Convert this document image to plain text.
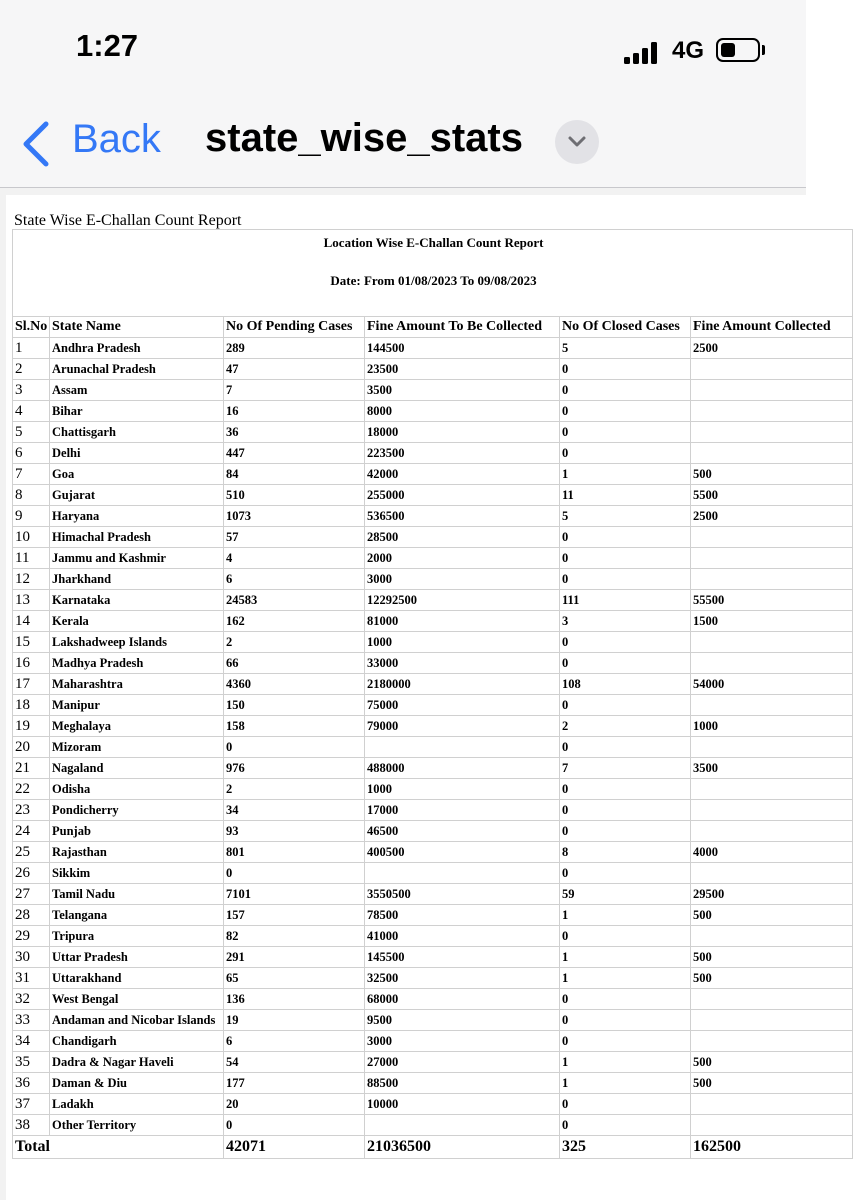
1:27	4G
Back state_wise_stats
State Wise E-Challan Count Report
Location Wise E-Challan Count Report
Date: From 01/08/2023 To 09/08/2023					

Sl.No	State Name	No Of Pending Cases	Fine Amount To Be Collected	No Of Closed Cases	Fine Amount Collected
1	Andhra Pradesh	289	144500	5	2500
2	Arunachal Pradesh	47	23500	0	
3	Assam	7	3500	0	
4	Bihar	16	8000	0	
5	Chattisgarh	36	18000	0	
6	Delhi	447	223500	0	
7	Goa	84	42000	1	500
8	Gujarat	510	255000	11	5500
9	Haryana	1073	536500	5	2500
10	Himachal Pradesh	57	28500	0	
11	Jammu and Kashmir	4	2000	0	
12	Jharkhand	6	3000	0	
13	Karnataka	24583	12292500	111	55500
14	Kerala	162	81000	3	1500
15	Lakshadweep Islands	2	1000	0	
16	Madhya Pradesh	66	33000	0	
17	Maharashtra	4360	2180000	108	54000
18	Manipur	150	75000	0	
19	Meghalaya	158	79000	2	1000
20	Mizoram	0		0	
21	Nagaland	976	488000	7	3500
22	Odisha	2	1000	0	
23	Pondicherry	34	17000	0	
24	Punjab	93	46500	0	
25	Rajasthan	801	400500	8	4000
26	Sikkim	0		0	
27	Tamil Nadu	7101	3550500	59	29500
28	Telangana	157	78500	1	500
29	Tripura	82	41000	0	
30	Uttar Pradesh	291	145500	1	500
31	Uttarakhand	65	32500	1	500
32	West Bengal	136	68000	0	
33	Andaman and Nicobar Islands	19	9500	0	
34	Chandigarh	6	3000	0	
35	Dadra & Nagar Haveli	54	27000	1	500
36	Daman & Diu	177	88500	1	500
37	Ladakh	20	10000	0	
38	Other Territory	0		0	
Total		42071	21036500	325	162500
